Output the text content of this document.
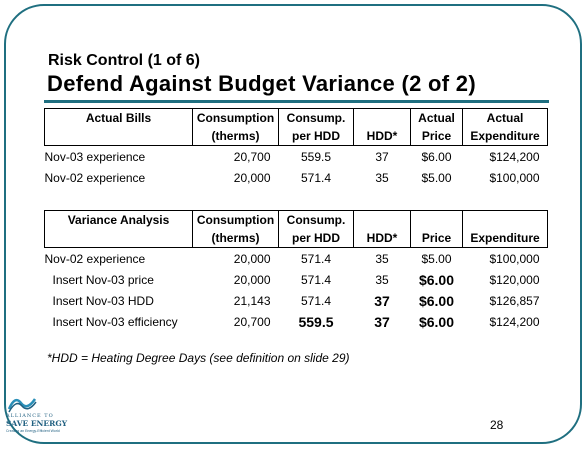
Risk Control (1 of 6)
Defend Against Budget Variance (2 of 2)
Actual Bills	Consumption	Consump.		Actual	Actual
	(therms)	per HDD	HDD*	Price	Expenditure
Nov-03 experience	20,700	559.5	37	$6.00	$124,200
Nov-02 experience	20,000	571.4	35	$5.00	$100,000
Variance Analysis	Consumption	Consump.			
	(therms)	per HDD	HDD*	Price	Expenditure
Nov-02 experience	20,000	571.4	35	$5.00	$100,000
Insert Nov-03 price	20,000	571.4	35	$6.00	$120,000
Insert Nov-03 HDD	21,143	571.4	37	$6.00	$126,857
Insert Nov-03 efficiency	20,700	559.5	37	$6.00	$124,200
*HDD = Heating Degree Days (see definition on slide 29)
ALLIANCE TO
SAVE ENERGY
Creating an Energy-Efficient World	28
